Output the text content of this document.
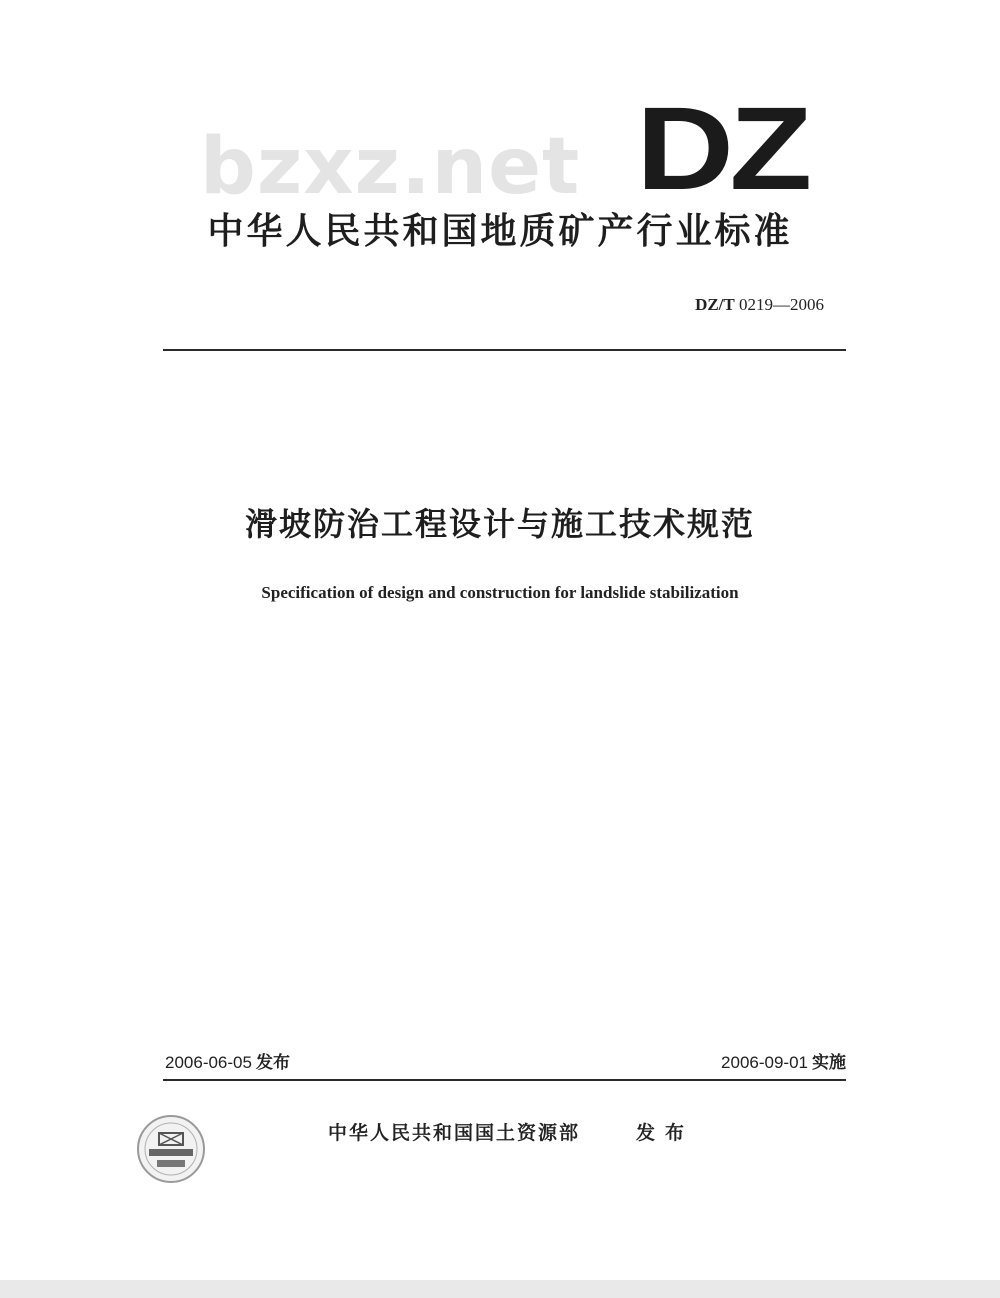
bzxz.net DZ
中华人民共和国地质矿产行业标准
DZ/T 0219—2006
滑坡防治工程设计与施工技术规范
Specification of design and construction for landslide stabilization
2006-06-05 发布	2006-09-01 实施
中华人民共和国国土资源部	发布
